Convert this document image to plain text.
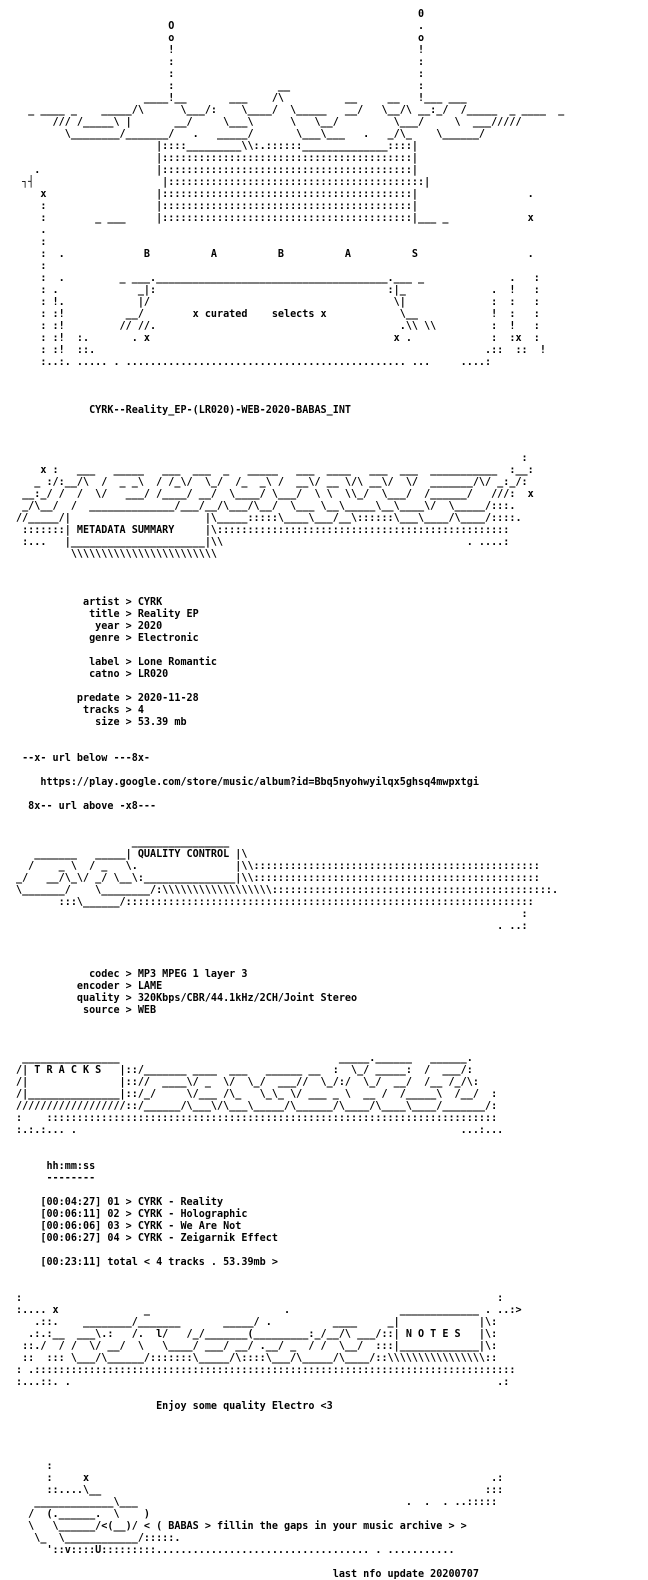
0
O                                        .
o                                        o
!                                        !
:                                        :
:                                        :
:                 __                     :
____!__       ___    /\          __     __   !___ ___
_ ____ _    _____/\      \___/:    \____/  \_____   __/   \__/\ __:_/  /_____  _ ____  _
/// /_____\ |       __/     \___\      \   \__/         \___/     \  ___/////
\________/_______/   .   _____/       \___\___   .   _/\_    \______/
|::::_________\\:.::::::______________::::|
|:::::::::::::::::::::::::::::::::::::::::|
.                   |:::::::::::::::::::::::::::::::::::::::::|
┐┤                     |::::::::::::::::::::::::::::::::::::::::::|
x                  |:::::::::::::::::::::::::::::::::::::::::|                  .
:                  |:::::::::::::::::::::::::::::::::::::::::|
:        _ ___     |:::::::::::::::::::::::::::::::::::::::::|___ _             x
.
:
:  .             B          A          B          A          S                  .
:
:  .         _ ___.______________________________________.___ _              .   :
: .             _|:                                      :|_              .  !   :
: !.            |/                                        \|              :  :   :
: :!          __/        x curated    selects x            \__            !  :   :
: :!         // //.                                        .\\ \\         :  !   :
: :!  :.       . x                                        x .             :  :x  :
: :!  ::.                                                                .::  ::  !
:..:. ..... . .............................................. ...     ....:

CYRK--Reality_EP-(LR020)-WEB-2020-BABAS_INT

:
x :   ___   _____   ___  ___  _   _____   ___  ____   ___  ___  ___________  :__:
_ :/:__/\  /  _ _\  / /_\/  \_/  /_  _\ /  __\/ __ \/\ __\/  \/  _______/\/ _:_/:
__:_/ /  /  \/   ___/ /____/ __/  \____/ \___/  \ \  \\_/  \___/  /______/   ///:  x
_/\__/  /  ______________/___/__/\___/\__/  \___ \__\_____\__\____\/  \_____/:::.
//_____/|                      |\_____:::::\____\___/__\::::::\___\____/\____/::::.
:::::::| METADATA SUMMARY     |\::::::::::::::::::::::::::::::::::::::::::::::::
:...   |______________________|\\                                        . ....:
\\\\\\\\\\\\\\\\\\\\\\\\

artist > CYRK
title > Reality EP
year > 2020
genre > Electronic

label > Lone Romantic
catno > LR020

predate > 2020-11-28
tracks > 4
size > 53.39 mb

--x- url below ---8x-

https://play.google.com/store/music/album?id=Bbq5nyohwyilqx5ghsq4mwpxtgi

8x-- url above -x8---

________________
_______   _____| QUALITY CONTROL |\
/    _ \  / _   \.                |\\:::::::::::::::::::::::::::::::::::::::::::::::
_/   __/\_\/ _/ \__\:_______________|\\:::::::::::::::::::::::::::::::::::::::::::::::
\_______/    \________/:\\\\\\\\\\\\\\\\\\::::::::::::::::::::::::::::::::::::::::::::::.
:::\______/:::::::::::::::::::::::::::::::::::::::::::::::::::::::::::::::::::
:
. ..:

codec > MP3 MPEG 1 layer 3
encoder > LAME
quality > 320Kbps/CBR/44.1kHz/2CH/Joint Stereo
source > WEB

________________                                    _____.______   ______.
/| T R A C K S   |::/_______ ____  ___   ______ __  :  \_/ _____:  /  ___/:
/|               |:://  ____\/ _  \/  \_/  ___//  \_/:/  \_/  __/  /__ /_/\:
/|_______________|::/_/     \/___ /\_   \_\_ \/ ___ _ \  __ /  /_____\  /__/  :
//////////////////::/______/\___\/\___\_____/\______/\____/\____\____/_______/:
:    ::::::::::::::::::::::::::::::::::::::::::::::::::::::::::::::::::::::::::
:.:.:... .                                                               ...:...

hh:mm:ss
--------

[00:04:27] 01 > CYRK - Reality
[00:06:11] 02 > CYRK - Holographic
[00:06:06] 03 > CYRK - We Are Not
[00:06:27] 04 > CYRK - Zeigarnik Effect

[00:23:11] total < 4 tracks . 53.39mb >

:                                                                              :
:.... x              _                      .                  _____________ . ..:>
.::.    ________/_______       _____/ .          ____     _|             |\:
.:.:__  ___\.:   /.  l/   /_/_______(_________:_/__/\ ___/::| N O T E S   |\:
::./  / /  \/ __/  \   \____/ ___/ __/ .__/ _  / /  \__/  :::|_____________|\:
::  ::: \___/\______/:::::::\_____/\::::\___/\_____/\____/::\\\\\\\\\\\\\\\\::
: .:::::::::::::::::::::::::::::::::::::::::::::::::::::::::::::::::::::::::::::::
:...::. .                                                                      .:

Enjoy some quality Electro <3

:
:     x                                                                  .:
::....\__                                                               :::
_____________\___                                            .  .  . ..:::::
/  (.______.  \    )
\   \______/<(__)/ < ( BABAS > fillin the gaps in your music archive > >
\_  \____________/:::::.
'::v::::U:::::::::................................... . ...........

last nfo update 20200707
